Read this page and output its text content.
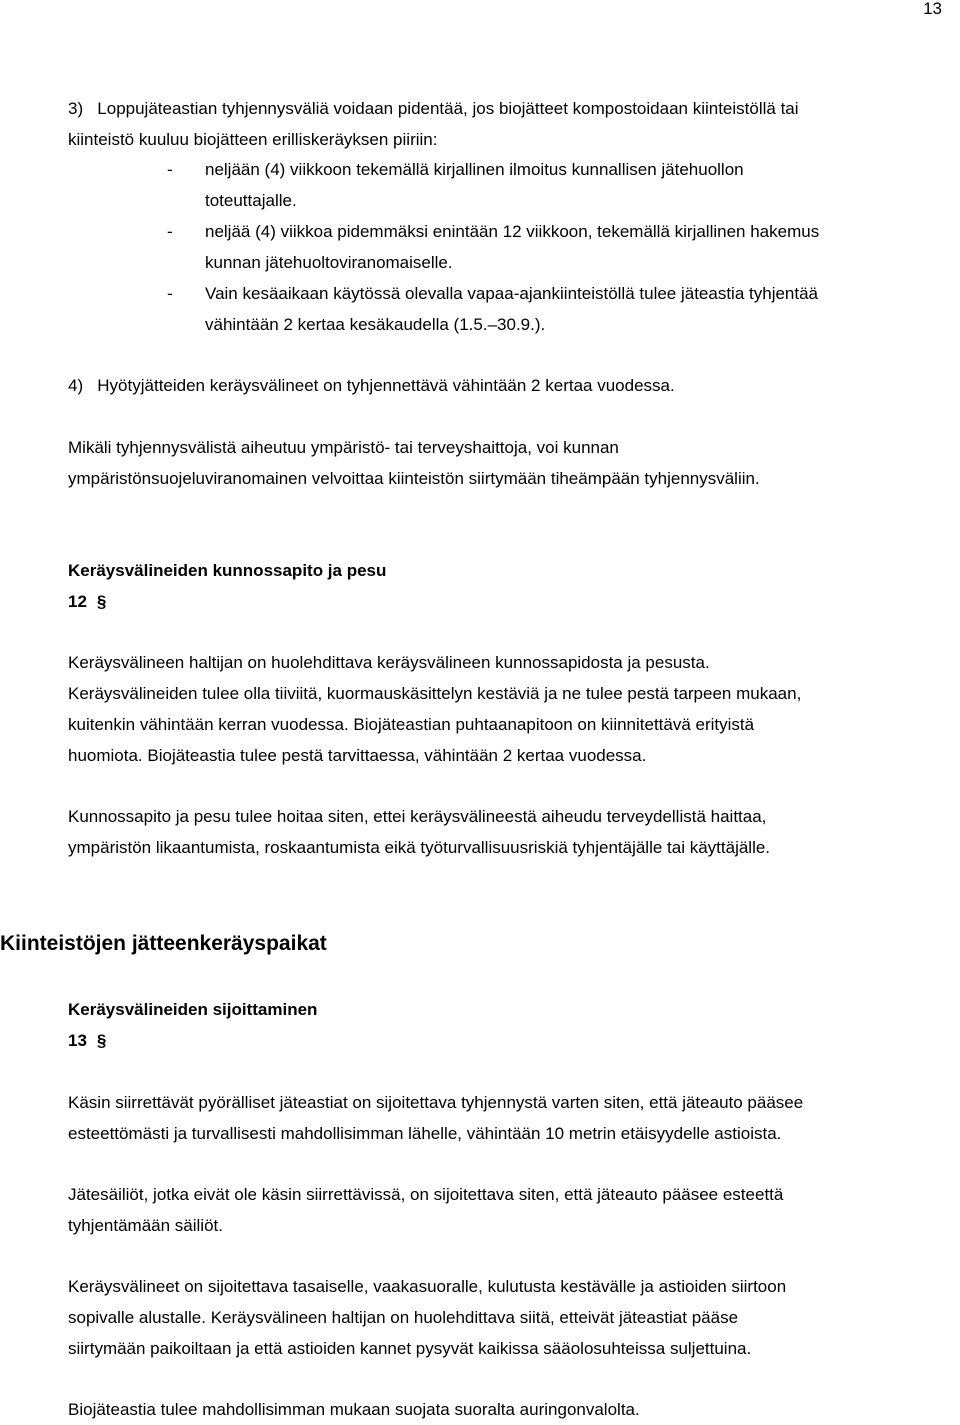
13
3)   Loppujäteastian tyhjennysväliä voidaan pidentää, jos biojätteet kompostoidaan kiinteistöllä tai
kiinteistö kuuluu biojätteen erilliskeräyksen piiriin:
- neljään (4) viikkoon tekemällä kirjallinen ilmoitus kunnallisen jätehuollon
toteuttajalle.
- neljää (4) viikkoa pidemmäksi enintään 12 viikkoon, tekemällä kirjallinen hakemus
kunnan jätehuoltoviranomaiselle.
- Vain kesäaikaan käytössä olevalla vapaa-ajankiinteistöllä tulee jäteastia tyhjentää
vähintään 2 kertaa kesäkaudella (1.5.–30.9.).
4)   Hyötyjätteiden keräysvälineet on tyhjennettävä vähintään 2 kertaa vuodessa.
Mikäli tyhjennysvälistä aiheutuu ympäristö- tai terveyshaittoja, voi kunnan
ympäristönsuojeluviranomainen velvoittaa kiinteistön siirtymään tiheämpään tyhjennysväliin.
Keräysvälineiden kunnossapito ja pesu
12 §
Keräysvälineen haltijan on huolehdittava keräysvälineen kunnossapidosta ja pesusta.
Keräysvälineiden tulee olla tiiviitä, kuormauskäsittelyn kestäviä ja ne tulee pestä tarpeen mukaan,
kuitenkin vähintään kerran vuodessa. Biojäteastian puhtaanapitoon on kiinnitettävä erityistä
huomiota. Biojäteastia tulee pestä tarvittaessa, vähintään 2 kertaa vuodessa.
Kunnossapito ja pesu tulee hoitaa siten, ettei keräysvälineestä aiheudu terveydellistä haittaa,
ympäristön likaantumista, roskaantumista eikä työturvallisuusriskiä tyhjentäjälle tai käyttäjälle.
Kiinteistöjen jätteenkeräyspaikat
Keräysvälineiden sijoittaminen
13 §
Käsin siirrettävät pyörälliset jäteastiat on sijoitettava tyhjennystä varten siten, että jäteauto pääsee
esteettömästi ja turvallisesti mahdollisimman lähelle, vähintään 10 metrin etäisyydelle astioista.
Jätesäiliöt, jotka eivät ole käsin siirrettävissä, on sijoitettava siten, että jäteauto pääsee esteettä
tyhjentämään säiliöt.
Keräysvälineet on sijoitettava tasaiselle, vaakasuoralle, kulutusta kestävälle ja astioiden siirtoon
sopivalle alustalle. Keräysvälineen haltijan on huolehdittava siitä, etteivät jäteastiat pääse
siirtymään paikoiltaan ja että astioiden kannet pysyvät kaikissa sääolosuhteissa suljettuina.
Biojäteastia tulee mahdollisimman mukaan suojata suoralta auringonvalolta.
